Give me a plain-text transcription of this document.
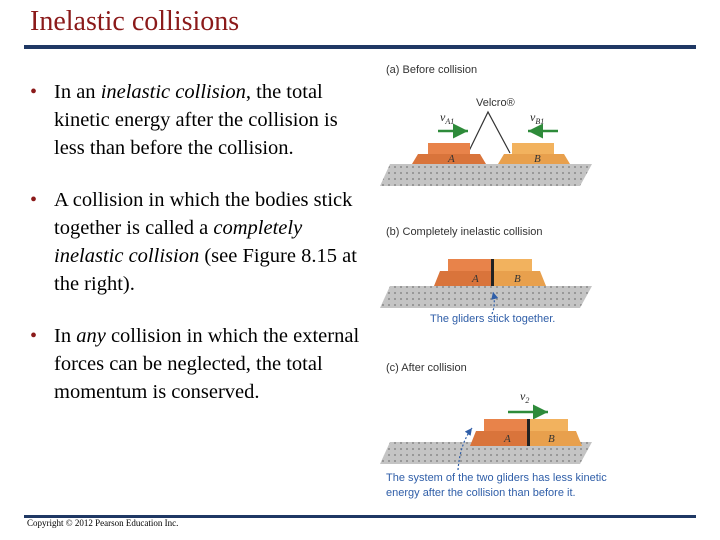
Inelastic collisions
• In an inelastic collision, the total kinetic energy after the collision is less than before the collision.
• A collision in which the bodies stick together is called a completely inelastic collision (see Figure 8.15 at the right).
• In any collision in which the external forces can be neglected, the total momentum is conserved.
(a) Before collision
Velcro®
$v_{A1}$	$v_{B1}$
A	B
(b) Completely inelastic collision
A	B
The gliders stick together.
(c) After collision
$v_2$
A	B
The system of the two gliders has less kinetic
energy after the collision than before it.
Copyright © 2012 Pearson Education Inc.
